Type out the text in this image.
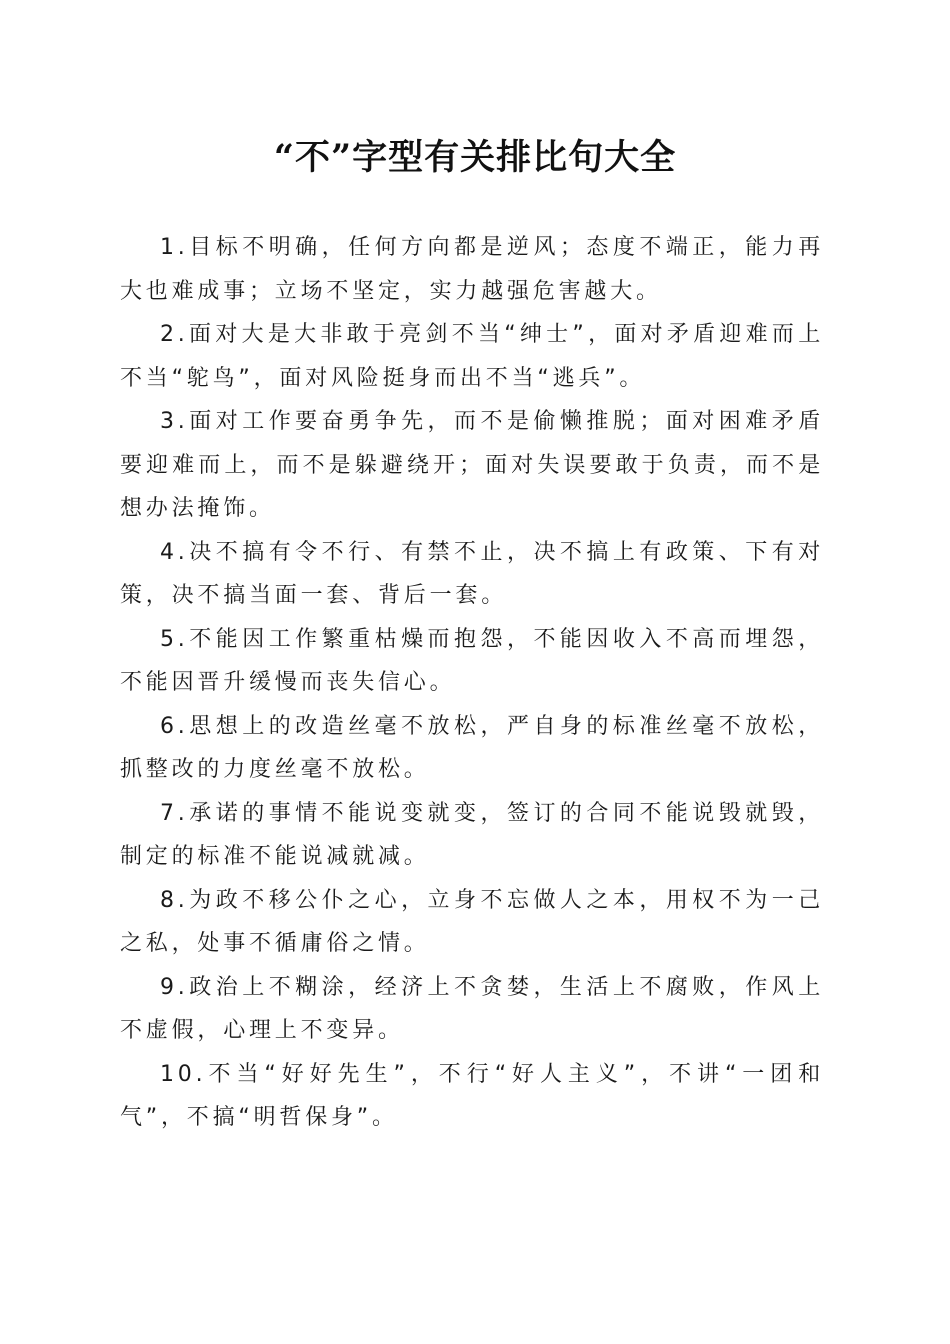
“不”字型有关排比句大全

1.目标不明确，任何方向都是逆风；态度不端正，能力再大也难成事；立场不坚定，实力越强危害越大。

2.面对大是大非敢于亮剑不当“绅士”，面对矛盾迎难而上不当“鸵鸟”，面对风险挺身而出不当“逃兵”。

3.面对工作要奋勇争先，而不是偷懒推脱；面对困难矛盾要迎难而上，而不是躲避绕开；面对失误要敢于负责，而不是想办法掩饰。

4.决不搞有令不行、有禁不止，决不搞上有政策、下有对策，决不搞当面一套、背后一套。

5.不能因工作繁重枯燥而抱怨，不能因收入不高而埋怨，不能因晋升缓慢而丧失信心。

6.思想上的改造丝毫不放松，严自身的标准丝毫不放松，抓整改的力度丝毫不放松。

7.承诺的事情不能说变就变，签订的合同不能说毁就毁，制定的标准不能说减就减。

8.为政不移公仆之心，立身不忘做人之本，用权不为一己之私，处事不循庸俗之情。

9.政治上不糊涂，经济上不贪婪，生活上不腐败，作风上不虚假，心理上不变异。

10.不当“好好先生”，不行“好人主义”，不讲“一团和气”，不搞“明哲保身”。
